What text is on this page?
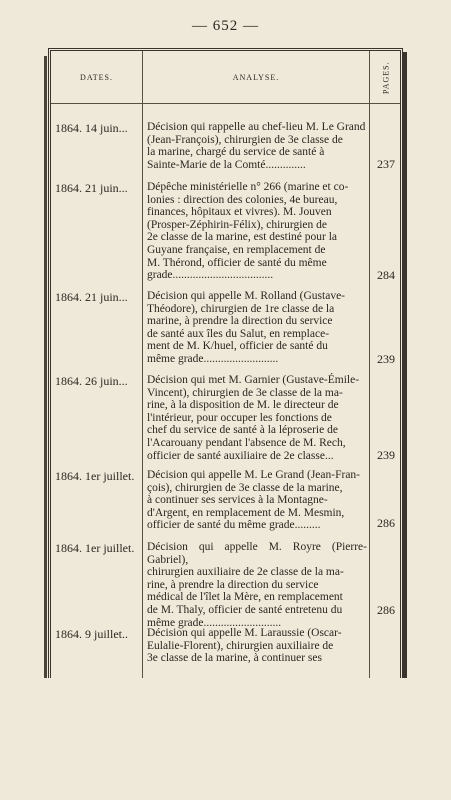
— 652 —
DATES.	ANALYSE.	PAGES.
1864. 14 juin...	Décision qui rappelle au chef-lieu M. Le Grand
(Jean-François), chirurgien de 3e classe de
la marine, chargé du service de santé à
Sainte-Marie de la Comté..............	237
1864. 21 juin...	Dépêche ministérielle n° 266 (marine et co-
lonies : direction des colonies, 4e bureau,
finances, hôpitaux et vivres). M. Jouven
(Prosper-Zéphirin-Félix), chirurgien de
2e classe de la marine, est destiné pour la
Guyane française, en remplacement de
M. Thérond, officier de santé du même
grade...................................	284
1864. 21 juin...	Décision qui appelle M. Rolland (Gustave-
Théodore), chirurgien de 1re classe de la
marine, à prendre la direction du service
de santé aux îles du Salut, en remplace-
ment de M. K/huel, officier de santé du
même grade..........................	239
1864. 26 juin...	Décision qui met M. Garnier (Gustave-Émile-
Vincent), chirurgien de 3e classe de la ma-
rine, à la disposition de M. le directeur de
l'intérieur, pour occuper les fonctions de
chef du service de santé à la léproserie de
l'Acarouany pendant l'absence de M. Rech,
officier de santé auxiliaire de 2e classe...	239
1864. 1er juillet.	Décision qui appelle M. Le Grand (Jean-Fran-
çois), chirurgien de 3e classe de la marine,
à continuer ses services à la Montagne-
d'Argent, en remplacement de M. Mesmin,
officier de santé du même grade.........	286
1864. 1er juillet.	Décision qui appelle M. Royre (Pierre-Gabriel),
chirurgien auxiliaire de 2e classe de la ma-
rine, à prendre la direction du service
médical de l'îlet la Mère, en remplacement
de M. Thaly, officier de santé entretenu du
même grade...........................
286
1864. 9 juillet..	Décision qui appelle M. Laraussie (Oscar-
Eulalie-Florent), chirurgien auxiliaire de
3e classe de la marine, à continuer ses
